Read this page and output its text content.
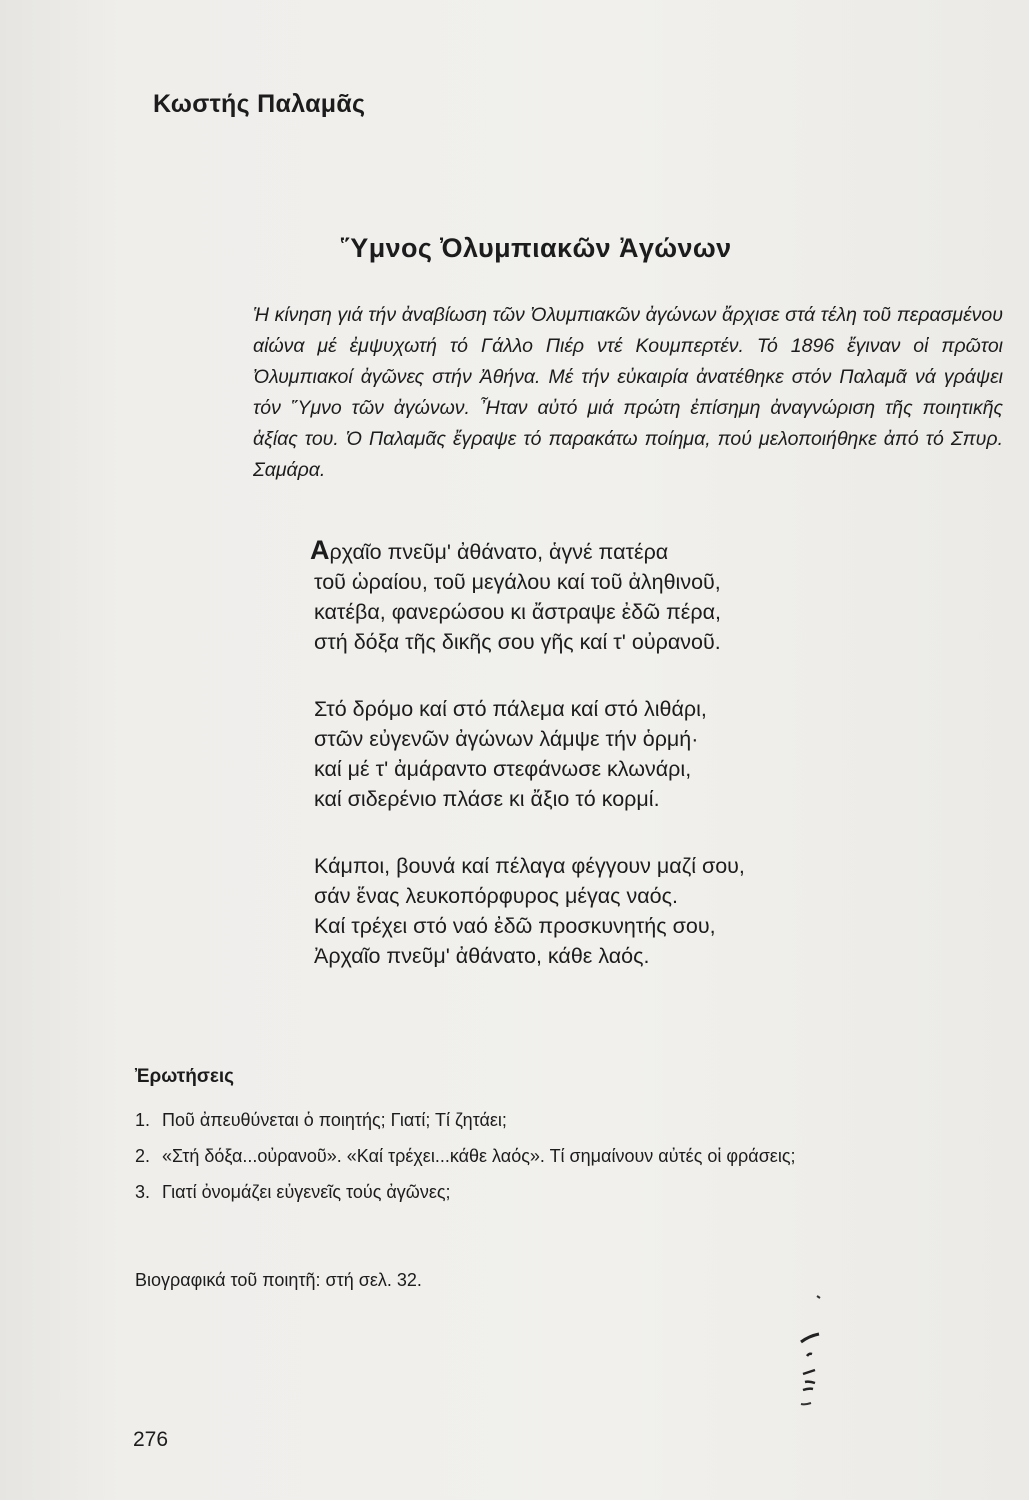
Κωστής Παλαμᾶς
Ὕμνος Ὀλυμπιακῶν Ἀγώνων

Ἡ κίνηση γιά τήν ἀναβίωση τῶν Ὀλυμπιακῶν ἀγώνων ἄρχισε στά τέλη τοῦ περασμένου αἰώνα μέ ἐμψυχωτή τό Γάλλο Πιέρ ντέ Κουμπερτέν. Τό 1896 ἔγιναν οἱ πρῶτοι Ὀλυμπιακοί ἀγῶνες στήν Ἀθήνα. Μέ τήν εὐκαιρία ἀνατέθηκε στόν Παλαμᾶ νά γράψει τόν Ὕμνο τῶν ἀγώνων. Ἦταν αὐτό μιά πρώτη ἐπίσημη ἀναγνώριση τῆς ποιητικῆς ἀξίας του. Ὁ Παλαμᾶς ἔγραψε τό παρακάτω ποίημα, πού μελοποιήθηκε ἀπό τό Σπυρ. Σαμάρα.

Αρχαῖο πνεῦμ' ἀθάνατο, ἁγνέ πατέρα
τοῦ ὡραίου, τοῦ μεγάλου καί τοῦ ἀληθινοῦ,
κατέβα, φανερώσου κι ἄστραψε ἐδῶ πέρα,
στή δόξα τῆς δικῆς σου γῆς καί τ' οὐρανοῦ.
Στό δρόμο καί στό πάλεμα καί στό λιθάρι,
στῶν εὐγενῶν ἀγώνων λάμψε τήν ὁρμή·
καί μέ τ' ἀμάραντο στεφάνωσε κλωνάρι,
καί σιδερένιο πλάσε κι ἄξιο τό κορμί.
Κάμποι, βουνά καί πέλαγα φέγγουν μαζί σου,
σάν ἕνας λευκοπόρφυρος μέγας ναός.
Καί τρέχει στό ναό ἐδῶ προσκυνητής σου,
Ἀρχαῖο πνεῦμ' ἀθάνατο, κάθε λαός.
Ἐρωτήσεις
1. Ποῦ ἀπευθύνεται ὁ ποιητής; Γιατί; Τί ζητάει;
2. «Στή δόξα...οὐρανοῦ». «Καί τρέχει...κάθε λαός». Τί σημαίνουν αὐτές οἱ φράσεις;
3. Γιατί ὀνομάζει εὐγενεῖς τούς ἀγῶνες;
Βιογραφικά τοῦ ποιητῆ: στή σελ. 32.
276
